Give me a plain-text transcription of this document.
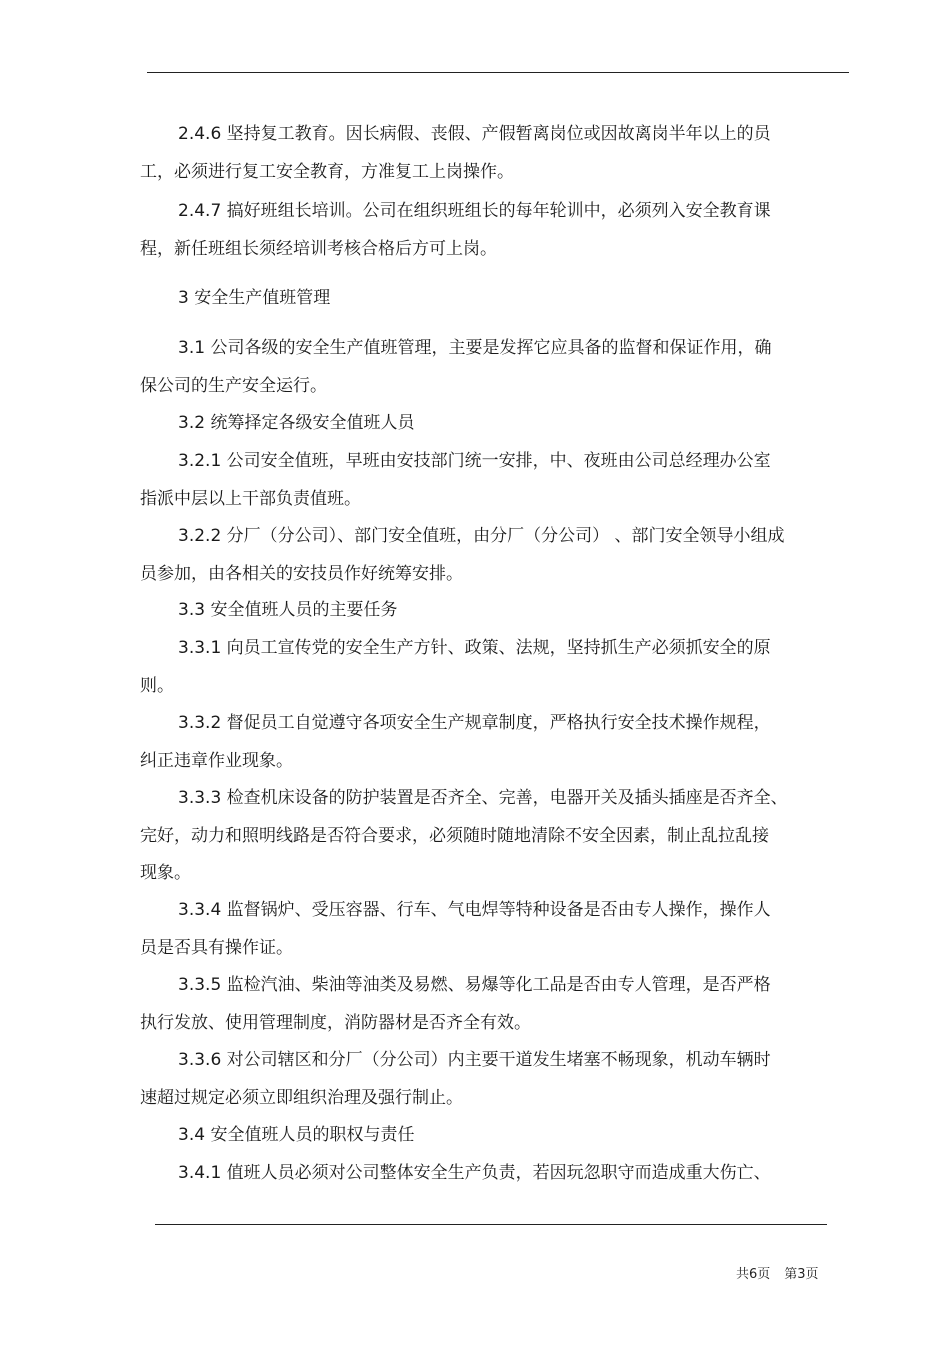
2.4.6 坚持复工教育。因长病假、丧假、产假暂离岗位或因故离岗半年以上的员
工，必须进行复工安全教育，方准复工上岗操作。

2.4.7 搞好班组长培训。公司在组织班组长的每年轮训中，必须列入安全教育课
程，新任班组长须经培训考核合格后方可上岗。

3 安全生产值班管理

3.1 公司各级的安全生产值班管理，主要是发挥它应具备的监督和保证作用，确
保公司的生产安全运行。

3.2 统筹择定各级安全值班人员

3.2.1 公司安全值班，早班由安技部门统一安排，中、夜班由公司总经理办公室
指派中层以上干部负责值班。

3.2.2 分厂（分公司）、部门安全值班，由分厂（分公司） 、部门安全领导小组成
员参加，由各相关的安技员作好统筹安排。

3.3 安全值班人员的主要任务

3.3.1 向员工宣传党的安全生产方针、政策、法规，坚持抓生产必须抓安全的原
则。

3.3.2 督促员工自觉遵守各项安全生产规章制度，严格执行安全技术操作规程，
纠正违章作业现象。

3.3.3 检查机床设备的防护装置是否齐全、完善，电器开关及插头插座是否齐全、
完好，动力和照明线路是否符合要求，必须随时随地清除不安全因素，制止乱拉乱接
现象。

3.3.4 监督锅炉、受压容器、行车、气电焊等特种设备是否由专人操作，操作人
员是否具有操作证。

3.3.5 监检汽油、柴油等油类及易燃、易爆等化工品是否由专人管理，是否严格
执行发放、使用管理制度，消防器材是否齐全有效。

3.3.6 对公司辖区和分厂（分公司）内主要干道发生堵塞不畅现象，机动车辆时
速超过规定必须立即组织治理及强行制止。

3.4 安全值班人员的职权与责任

3.4.1 值班人员必须对公司整体安全生产负责，若因玩忽职守而造成重大伤亡、

共6页 第3页
